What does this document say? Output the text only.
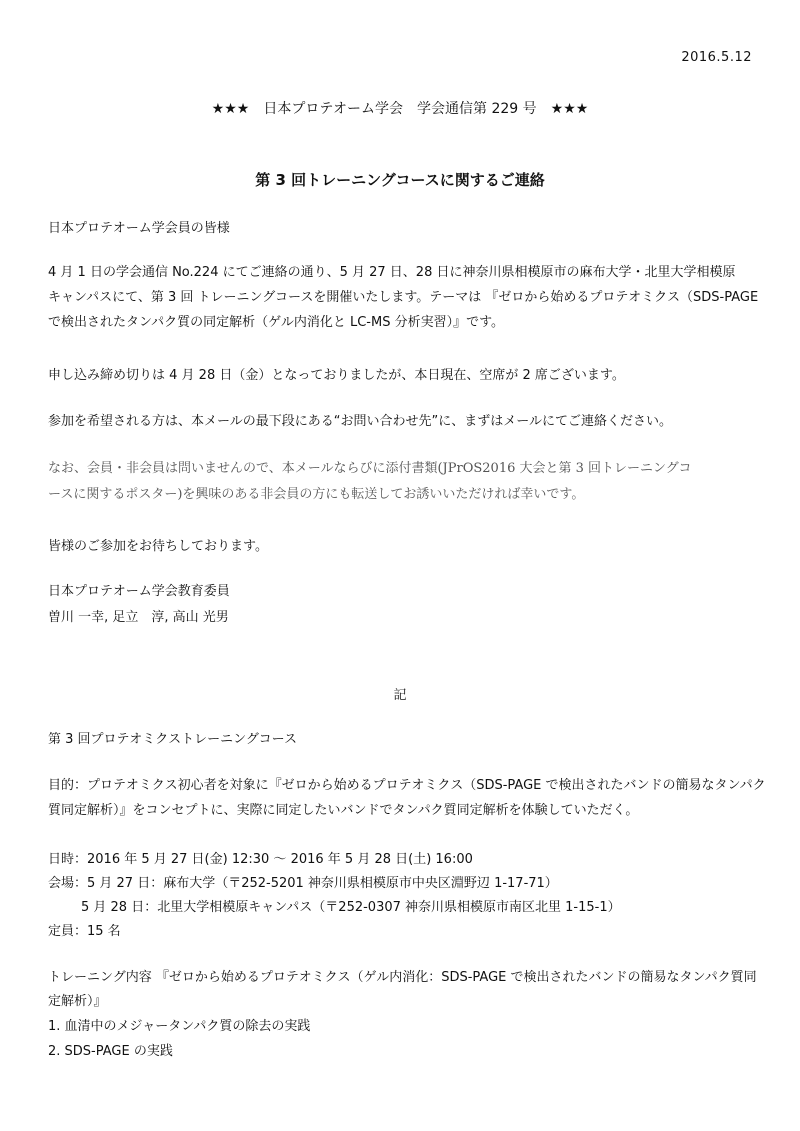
2016.5.12
★★★　日本プロテオーム学会　学会通信第 229 号　★★★
第 3 回トレーニングコースに関するご連絡
日本プロテオーム学会員の皆様
4 月 1 日の学会通信 No.224 にてご連絡の通り、5 月 27 日、28 日に神奈川県相模原市の麻布大学・北里大学相模原
キャンパスにて、第 3 回 トレーニングコースを開催いたします。テーマは 『ゼロから始めるプロテオミクス（SDS-PAGE
で検出されたタンパク質の同定解析（ゲル内消化と LC-MS 分析実習）』です。
申し込み締め切りは 4 月 28 日（金）となっておりましたが、本日現在、空席が 2 席ございます。
参加を希望される方は、本メールの最下段にある“お問い合わせ先”に、まずはメールにてご連絡ください。
なお、会員・非会員は問いませんので、本メールならびに添付書類(JPrOS2016 大会と第 3 回トレーニングコ
ースに関するポスター)を興味のある非会員の方にも転送してお誘いいただければ幸いです。
皆様のご参加をお待ちしております。
日本プロテオーム学会教育委員
曽川 一幸, 足立　淳, 高山 光男
記
第 3 回プロテオミクストレーニングコース
目的：プロテオミクス初心者を対象に『ゼロから始めるプロテオミクス（SDS-PAGE で検出されたバンドの簡易なタンパク
質同定解析）』をコンセプトに、実際に同定したいバンドでタンパク質同定解析を体験していただく。
日時：2016 年 5 月 27 日(金) 12:30 ～ 2016 年 5 月 28 日(土) 16:00
会場：5 月 27 日：麻布大学（〒252-5201 神奈川県相模原市中央区淵野辺 1-17-71）
5 月 28 日：北里大学相模原キャンパス（〒252-0307 神奈川県相模原市南区北里 1-15-1）
定員：15 名
トレーニング内容 『ゼロから始めるプロテオミクス（ゲル内消化：SDS-PAGE で検出されたバンドの簡易なタンパク質同
定解析）』
1. 血清中のメジャータンパク質の除去の実践
2. SDS-PAGE の実践
